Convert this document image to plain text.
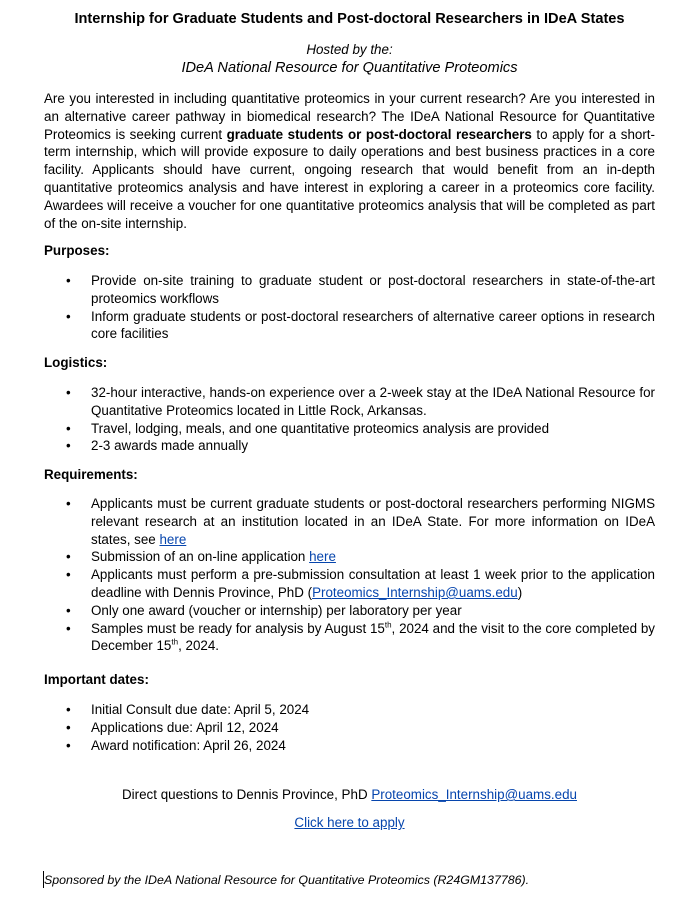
Internship for Graduate Students and Post-doctoral Researchers in IDeA States
Hosted by the:
IDeA National Resource for Quantitative Proteomics
Are you interested in including quantitative proteomics in your current research? Are you interested in an alternative career pathway in biomedical research? The IDeA National Resource for Quantitative Proteomics is seeking current graduate students or post-doctoral researchers to apply for a short-term internship, which will provide exposure to daily operations and best business practices in a core facility. Applicants should have current, ongoing research that would benefit from an in-depth quantitative proteomics analysis and have interest in exploring a career in a proteomics core facility. Awardees will receive a voucher for one quantitative proteomics analysis that will be completed as part of the on-site internship.
Purposes:
• Provide on-site training to graduate student or post-doctoral researchers in state-of-the-art proteomics workflows
• Inform graduate students or post-doctoral researchers of alternative career options in research core facilities
Logistics:
• 32-hour interactive, hands-on experience over a 2-week stay at the IDeA National Resource for Quantitative Proteomics located in Little Rock, Arkansas.
• Travel, lodging, meals, and one quantitative proteomics analysis are provided
• 2-3 awards made annually
Requirements:
• Applicants must be current graduate students or post-doctoral researchers performing NIGMS relevant research at an institution located in an IDeA State. For more information on IDeA states, see here
• Submission of an on-line application here
• Applicants must perform a pre-submission consultation at least 1 week prior to the application deadline with Dennis Province, PhD (Proteomics_Internship@uams.edu)
• Only one award (voucher or internship) per laboratory per year
• Samples must be ready for analysis by August 15th, 2024 and the visit to the core completed by December 15th, 2024.
Important dates:
• Initial Consult due date: April 5, 2024
• Applications due: April 12, 2024
• Award notification: April 26, 2024
Direct questions to Dennis Province, PhD Proteomics_Internship@uams.edu
Click here to apply
Sponsored by the IDeA National Resource for Quantitative Proteomics (R24GM137786).
